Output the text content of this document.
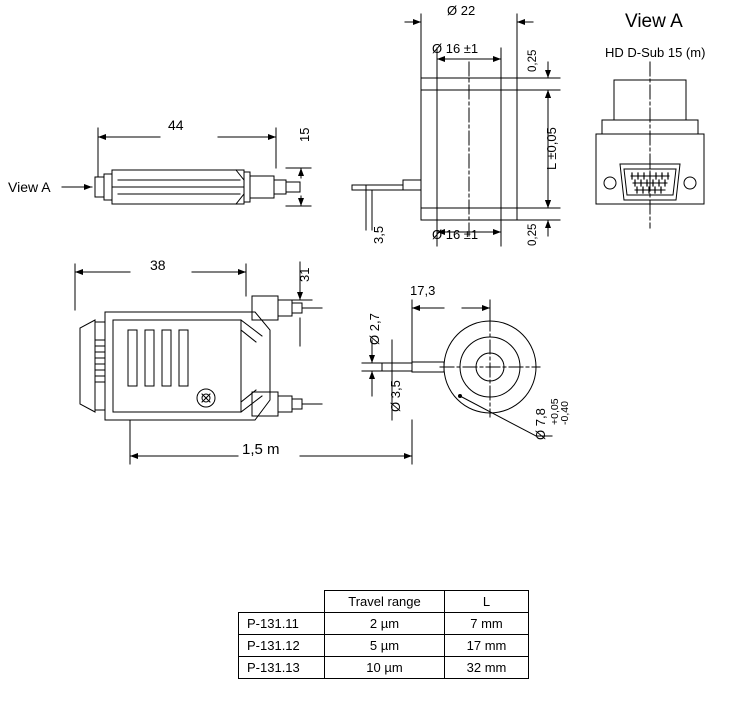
View A
HD D-Sub 15 (m)
View A
Ø 22
Ø 16 ±1
Ø 16 ±1
0,25
L ±0,05
0,25
3,5
44
15
38
31
1,5 m
17,3
Ø 2,7
Ø 3,5
Ø 7,8 +0,05
-0,40
	Travel range	L
P-131.11	2 µm	7 mm
P-131.12	5 µm	17 mm
P-131.13	10 µm	32 mm
